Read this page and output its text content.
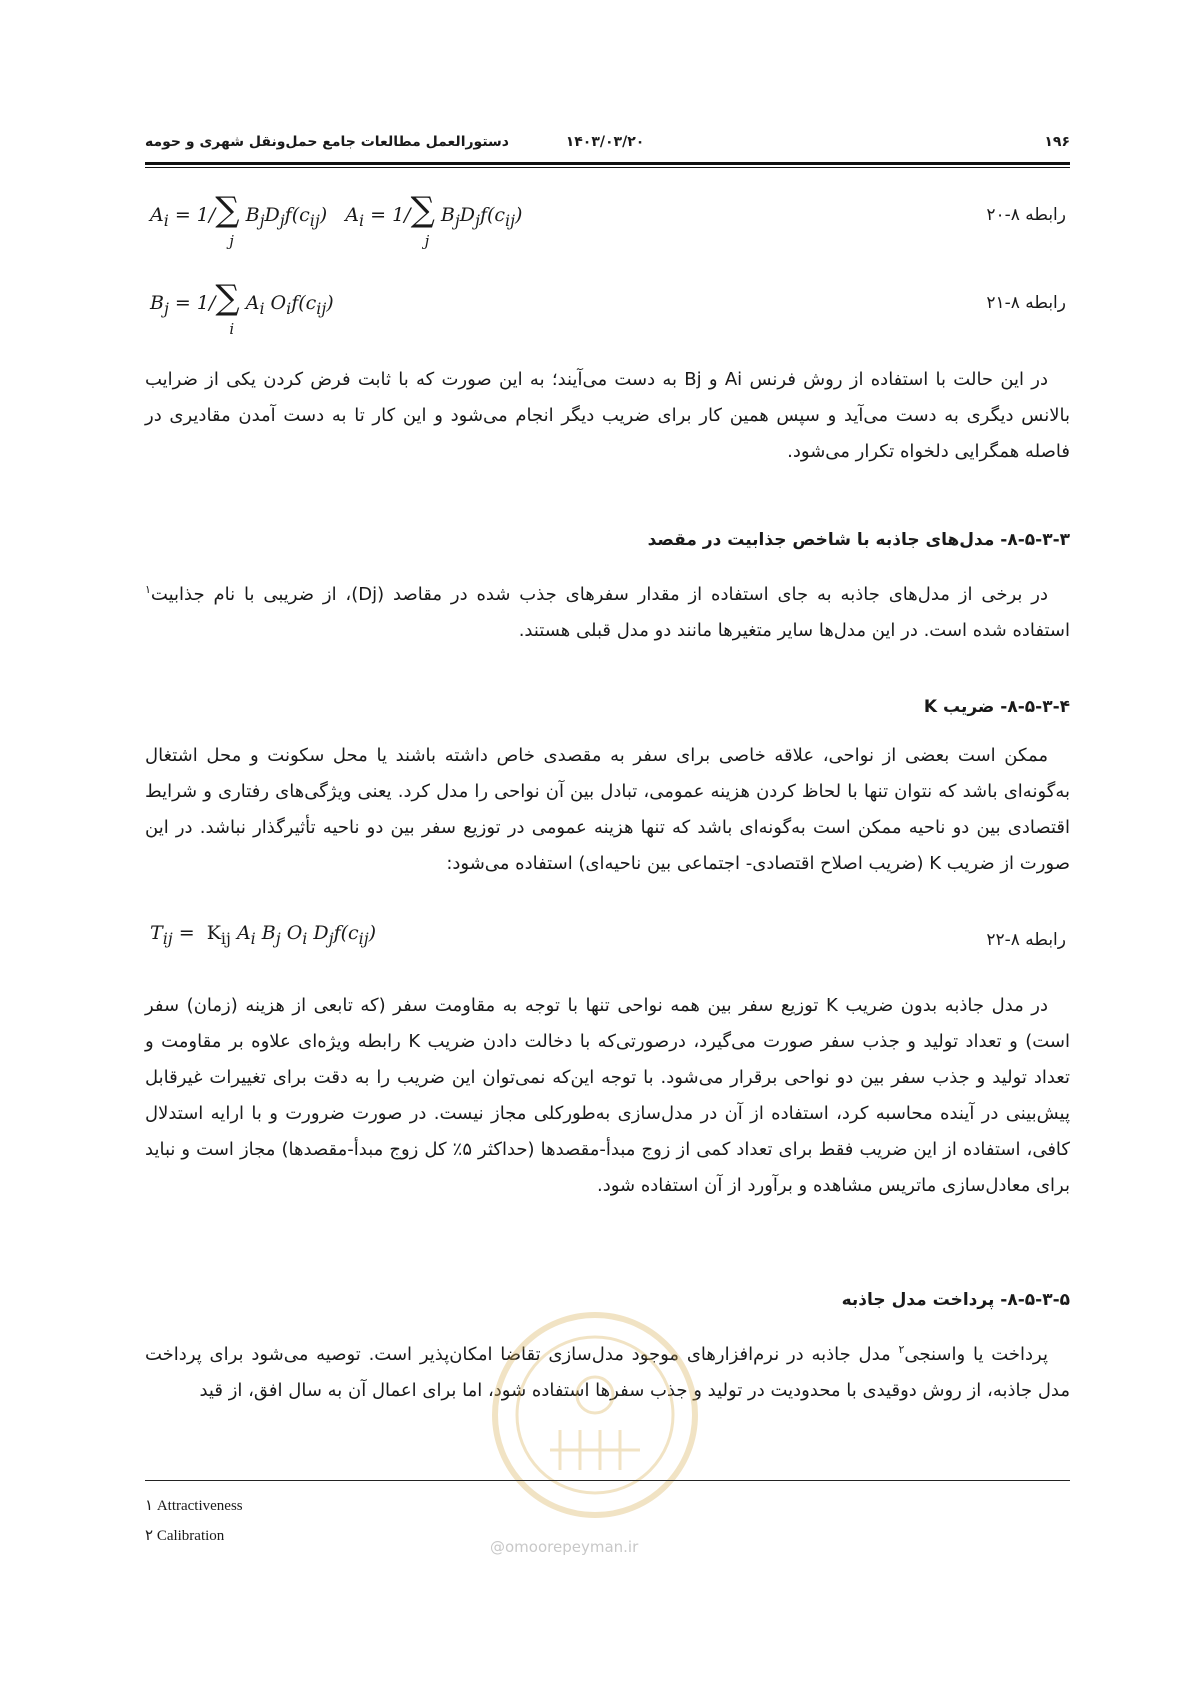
۱۹۶
۱۴۰۳/۰۳/۲۰
دستورالعمل مطالعات جامع حمل‌ونقل شهری و حومه
$A_i = 1/\sum$
j
$B_jD_jf(c_{ij}) A_i = 1/\sum$
j
$B_jD_jf(c_{ij})$	رابطه ۸-۲۰
$B_j = 1/\sum$
i
$A_i$ $O_if(c_{ij})$	رابطه ۸-۲۱
در این حالت با استفاده از روش فرنس Ai و Bj به دست می‌آیند؛ به این صورت که با ثابت فرض کردن یکی از ضرایب بالانس دیگری به دست می‌آید و سپس همین کار برای ضریب دیگر انجام می‌شود و این کار تا به دست آمدن مقادیری در فاصله همگرایی دلخواه تکرار می‌شود.
۸-۵-۳-۳- مدل‌های جاذبه با شاخص جذابیت در مقصد
در برخی از مدل‌های جاذبه به جای استفاده از مقدار سفرهای جذب شده در مقاصد (Dj)، از ضریبی با نام جذابیت$^۱$ استفاده شده است. در این مدل‌ها سایر متغیرها مانند دو مدل قبلی هستند.
۸-۵-۳-۴- ضریب K
ممکن است بعضی از نواحی، علاقه خاصی برای سفر به مقصدی خاص داشته باشند یا محل سکونت و محل اشتغال به‌گونه‌ای باشد که نتوان تنها با لحاظ کردن هزینه عمومی، تبادل بین آن نواحی را مدل کرد. یعنی ویژگی‌های رفتاری و شرایط اقتصادی بین دو ناحیه ممکن است به‌گونه‌ای باشد که تنها هزینه عمومی در توزیع سفر بین دو ناحیه تأثیرگذار نباشد. در این صورت از ضریب K (ضریب اصلاح اقتصادی- اجتماعی بین ناحیه‌ای) استفاده می‌شود:
$T_{ij} = K_{ij}$ $A_i$ $B_j$ $O_i$ $D_jf(c_{ij})$	رابطه ۸-۲۲
در مدل جاذبه بدون ضریب K توزیع سفر بین همه نواحی تنها با توجه به مقاومت سفر (که تابعی از هزینه (زمان) سفر است) و تعداد تولید و جذب سفر صورت می‌گیرد، درصورتی‌که با دخالت دادن ضریب K رابطه ویژه‌ای علاوه بر مقاومت و تعداد تولید و جذب سفر بین دو نواحی برقرار می‌شود. با توجه این‌که نمی‌توان این ضریب را به دقت برای تغییرات غیرقابل پیش‌بینی در آینده محاسبه کرد، استفاده از آن در مدل‌سازی به‌طورکلی مجاز نیست. در صورت ضرورت و با ارایه استدلال کافی، استفاده از این ضریب فقط برای تعداد کمی از زوج مبدأ-مقصدها (حداکثر ۵٪ کل زوج مبدأ-مقصدها) مجاز است و نباید برای معادل‌سازی ماتریس مشاهده و برآورد از آن استفاده شود.
۸-۵-۳-۵- پرداخت مدل جاذبه
پرداخت یا واسنجی$^۲$ مدل جاذبه در نرم‌افزارهای موجود مدل‌سازی تقاضا امکان‌پذیر است. توصیه می‌شود برای پرداخت مدل جاذبه، از روش دوقیدی با محدودیت در تولید و جذب سفرها استفاده شود، اما برای اعمال آن به سال افق، از قید
@omoorepeyman.ir
۱ Attractiveness
۲ Calibration
